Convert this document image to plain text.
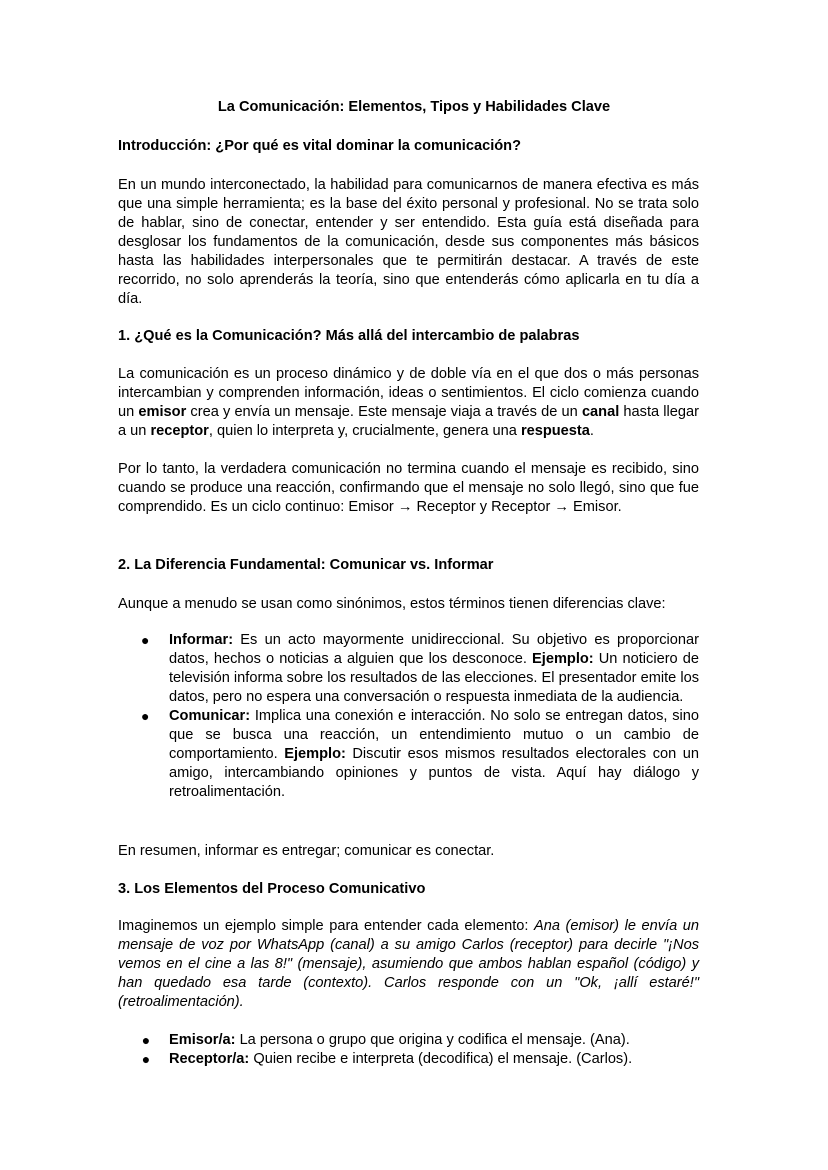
La Comunicación: Elementos, Tipos y Habilidades Clave
Introducción: ¿Por qué es vital dominar la comunicación?

En un mundo interconectado, la habilidad para comunicarnos de manera efectiva es más que una simple herramienta; es la base del éxito personal y profesional. No se trata solo de hablar, sino de conectar, entender y ser entendido. Esta guía está diseñada para desglosar los fundamentos de la comunicación, desde sus componentes más básicos hasta las habilidades interpersonales que te permitirán destacar. A través de este recorrido, no solo aprenderás la teoría, sino que entenderás cómo aplicarla en tu día a día.

1. ¿Qué es la Comunicación? Más allá del intercambio de palabras

La comunicación es un proceso dinámico y de doble vía en el que dos o más personas intercambian y comprenden información, ideas o sentimientos. El ciclo comienza cuando un emisor crea y envía un mensaje. Este mensaje viaja a través de un canal hasta llegar a un receptor, quien lo interpreta y, crucialmente, genera una respuesta.

Por lo tanto, la verdadera comunicación no termina cuando el mensaje es recibido, sino cuando se produce una reacción, confirmando que el mensaje no solo llegó, sino que fue comprendido. Es un ciclo continuo: Emisor → Receptor y Receptor → Emisor.

2. La Diferencia Fundamental: Comunicar vs. Informar

Aunque a menudo se usan como sinónimos, estos términos tienen diferencias clave:

● Informar: Es un acto mayormente unidireccional. Su objetivo es proporcionar datos, hechos o noticias a alguien que los desconoce. Ejemplo: Un noticiero de televisión informa sobre los resultados de las elecciones. El presentador emite los datos, pero no espera una conversación o respuesta inmediata de la audiencia.
● Comunicar: Implica una conexión e interacción. No solo se entregan datos, sino que se busca una reacción, un entendimiento mutuo o un cambio de comportamiento. Ejemplo: Discutir esos mismos resultados electorales con un amigo, intercambiando opiniones y puntos de vista. Aquí hay diálogo y retroalimentación.

En resumen, informar es entregar; comunicar es conectar.

3. Los Elementos del Proceso Comunicativo

Imaginemos un ejemplo simple para entender cada elemento: Ana (emisor) le envía un mensaje de voz por WhatsApp (canal) a su amigo Carlos (receptor) para decirle "¡Nos vemos en el cine a las 8!" (mensaje), asumiendo que ambos hablan español (código) y han quedado esa tarde (contexto). Carlos responde con un "Ok, ¡allí estaré!" (retroalimentación).

● Emisor/a: La persona o grupo que origina y codifica el mensaje. (Ana).
● Receptor/a: Quien recibe e interpreta (decodifica) el mensaje. (Carlos).
